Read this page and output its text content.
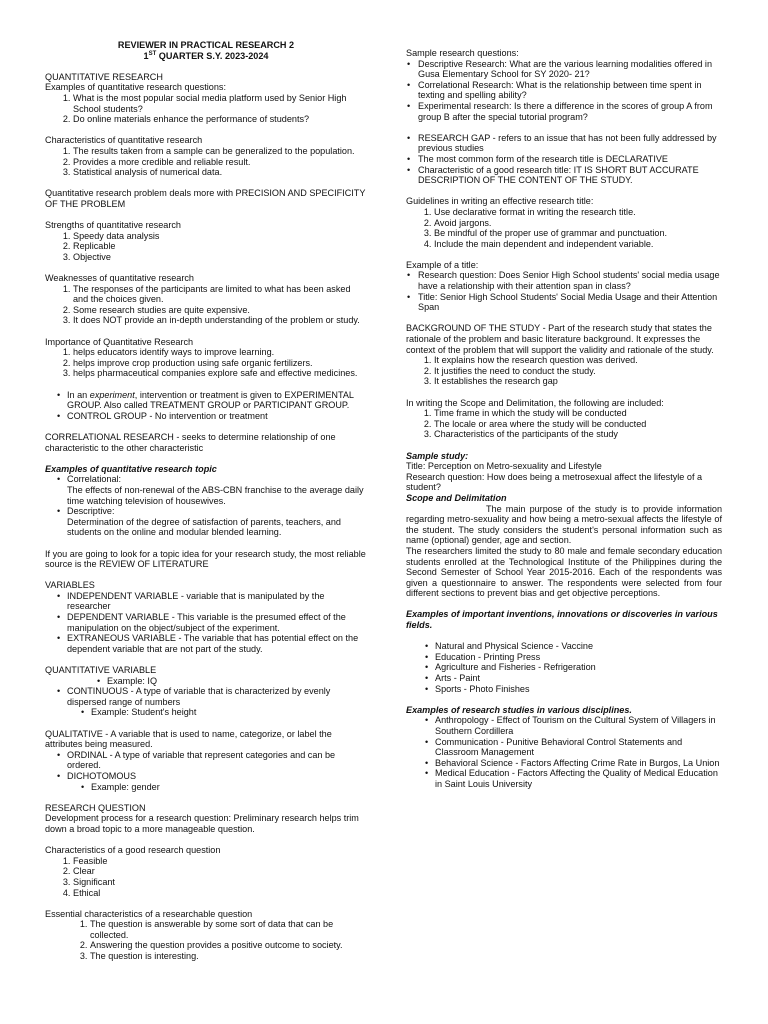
REVIEWER IN PRACTICAL RESEARCH 2

1ST QUARTER S.Y. 2023-2024

QUANTITATIVE RESEARCH

Examples of quantitative research questions:

1. What is the most popular social media platform used by Senior High School students?
2. Do online materials enhance the performance of students?

Characteristics of quantitative research

1. The results taken from a sample can be generalized to the population.
2. Provides a more credible and reliable result.
3. Statistical analysis of numerical data.

Quantitative research problem deals more with PRECISION AND SPECIFICITY OF THE PROBLEM

Strengths of quantitative research

1. Speedy data analysis
2. Replicable
3. Objective

Weaknesses of quantitative research

1. The responses of the participants are limited to what has been asked and the choices given.
2. Some research studies are quite expensive.
3. It does NOT provide an in-depth understanding of the problem or study.

Importance of Quantitative Research

1. helps educators identify ways to improve learning.
2. helps improve crop production using safe organic fertilizers.
3. helps pharmaceutical companies explore safe and effective medicines.
• In an experiment, intervention or treatment is given to EXPERIMENTAL GROUP. Also called TREATMENT GROUP or PARTICIPANT GROUP.
• CONTROL GROUP - No intervention or treatment

CORRELATIONAL RESEARCH - seeks to determine relationship of one characteristic to the other characteristic

Examples of quantitative research topic

• Correlational:
The effects of non-renewal of the ABS-CBN franchise to the average daily time watching television of housewives.
• Descriptive:
Determination of the degree of satisfaction of parents, teachers, and students on the online and modular blended learning.

If you are going to look for a topic idea for your research study, the most reliable source is the REVIEW OF LITERATURE

VARIABLES

• INDEPENDENT VARIABLE - variable that is manipulated by the researcher
• DEPENDENT VARIABLE - This variable is the presumed effect of the manipulation on the object/subject of the experiment.
• EXTRANEOUS VARIABLE - The variable that has potential effect on the dependent variable that are not part of the study.

QUANTITATIVE VARIABLE

• Example: IQ
• CONTINUOUS - A type of variable that is characterized by evenly dispersed range of numbers
• Example: Student's height

QUALITATIVE - A variable that is used to name, categorize, or label the attributes being measured.

• ORDINAL - A type of variable that represent categories and can be ordered.
• DICHOTOMOUS
• Example: gender

RESEARCH QUESTION

Development process for a research question: Preliminary research helps trim down a broad topic to a more manageable question.

Characteristics of a good research question

1. Feasible
2. Clear
3. Significant
4. Ethical

Essential characteristics of a researchable question

1. The question is answerable by some sort of data that can be collected.
2. Answering the question provides a positive outcome to society.
3. The question is interesting.

Sample research questions:

• Descriptive Research: What are the various learning modalities offered in Gusa Elementary School for SY 2020- 21?
• Correlational Research: What is the relationship between time spent in texting and spelling ability?
• Experimental research: Is there a difference in the scores of group A from group B after the special tutorial program?
• RESEARCH GAP - refers to an issue that has not been fully addressed by previous studies
• The most common form of the research title is DECLARATIVE
• Characteristic of a good research title: IT IS SHORT BUT ACCURATE DESCRIPTION OF THE CONTENT OF THE STUDY.

Guidelines in writing an effective research title:

1. Use declarative format in writing the research title.
2. Avoid jargons.
3. Be mindful of the proper use of grammar and punctuation.
4. Include the main dependent and independent variable.

Example of a title:

• Research question: Does Senior High School students' social media usage have a relationship with their attention span in class?
• Title: Senior High School Students' Social Media Usage and their Attention Span

BACKGROUND OF THE STUDY - Part of the research study that states the rationale of the problem and basic literature background. It expresses the context of the problem that will support the validity and rationale of the study.

1. It explains how the research question was derived.
2. It justifies the need to conduct the study.
3. It establishes the research gap

In writing the Scope and Delimitation, the following are included:

1. Time frame in which the study will be conducted
2. The locale or area where the study will be conducted
3. Characteristics of the participants of the study

Sample study:

Title: Perception on Metro-sexuality and Lifestyle

Research question: How does being a metrosexual affect the lifestyle of a student?

Scope and Delimitation

The main purpose of the study is to provide information regarding metro-sexuality and how being a metro-sexual affects the lifestyle of the student. The study considers the student's personal information such as name (optional) gender, age and section.

The researchers limited the study to 80 male and female secondary education students enrolled at the Technological Institute of the Philippines during the Second Semester of School Year 2015-2016. Each of the respondents was given a questionnaire to answer. The respondents were selected from four different sections to prevent bias and get objective perceptions.

Examples of important inventions, innovations or discoveries in various fields.

• Natural and Physical Science - Vaccine
• Education - Printing Press
• Agriculture and Fisheries - Refrigeration
• Arts - Paint
• Sports - Photo Finishes

Examples of research studies in various disciplines.

• Anthropology - Effect of Tourism on the Cultural System of Villagers in Southern Cordillera
• Communication - Punitive Behavioral Control Statements and Classroom Management
• Behavioral Science - Factors Affecting Crime Rate in Burgos, La Union
• Medical Education - Factors Affecting the Quality of Medical Education in Saint Louis University
